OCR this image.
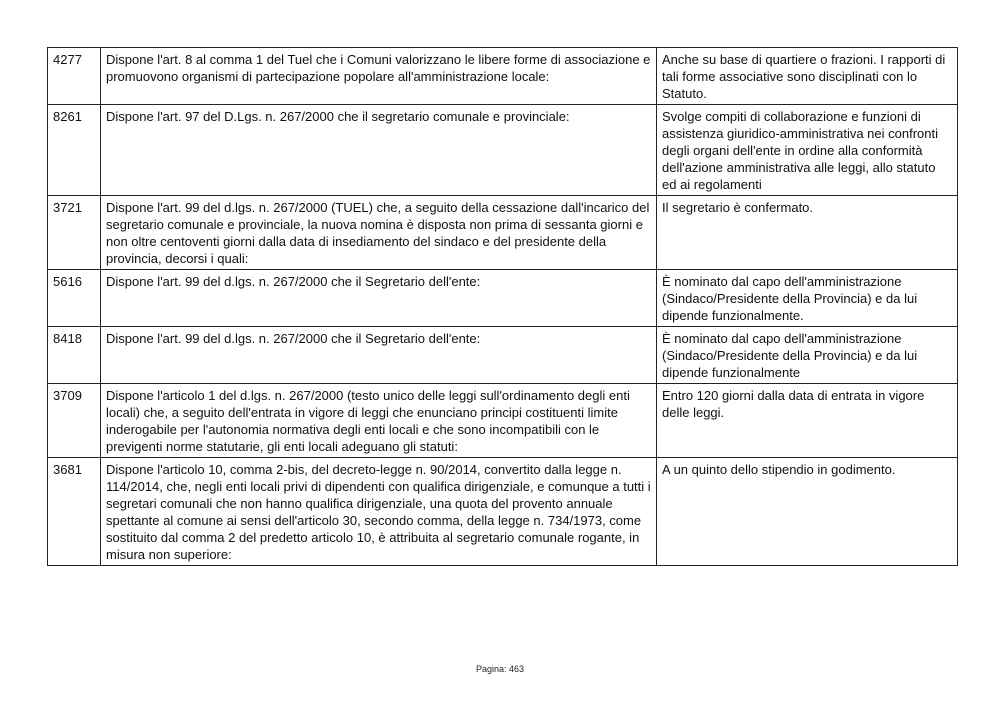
4277	Dispone l'art. 8 al comma 1 del Tuel che i Comuni valorizzano le libere forme di associazione e promuovono organismi di partecipazione popolare all'amministrazione locale:	Anche su base di quartiere o frazioni. I rapporti di tali forme associative sono disciplinati con lo Statuto.
8261	Dispone l'art. 97 del D.Lgs. n. 267/2000 che il segretario comunale e provinciale:	Svolge compiti di collaborazione e funzioni di assistenza giuridico-amministrativa nei confronti degli organi dell'ente in ordine alla conformità dell'azione amministrativa alle leggi, allo statuto ed ai regolamenti
3721	Dispone l'art. 99 del d.lgs. n. 267/2000 (TUEL) che, a seguito della cessazione dall'incarico del segretario comunale e provinciale, la nuova nomina è disposta non prima di sessanta giorni e non oltre centoventi giorni dalla data di insediamento del sindaco e del presidente della provincia, decorsi i quali:	Il segretario è confermato.
5616	Dispone l'art. 99 del d.lgs. n. 267/2000 che il Segretario dell'ente:	È nominato dal capo dell'amministrazione (Sindaco/Presidente della Provincia) e da lui dipende funzionalmente.
8418	Dispone l'art. 99 del d.lgs. n. 267/2000 che il Segretario dell'ente:	È nominato dal capo dell'amministrazione (Sindaco/Presidente della Provincia) e da lui dipende funzionalmente
3709	Dispone l'articolo 1 del d.lgs. n. 267/2000 (testo unico delle leggi sull'ordinamento degli enti locali) che, a seguito dell'entrata in vigore di leggi che enunciano principi costituenti limite inderogabile per l'autonomia normativa degli enti locali e che sono incompatibili con le previgenti norme statutarie, gli enti locali adeguano gli statuti:	Entro 120 giorni dalla data di entrata in vigore delle leggi.
3681	Dispone l'articolo 10, comma 2-bis, del decreto-legge n. 90/2014, convertito dalla legge n. 114/2014, che, negli enti locali privi di dipendenti con qualifica dirigenziale, e comunque a tutti i segretari comunali che non hanno qualifica dirigenziale, una quota del provento annuale spettante al comune ai sensi dell'articolo 30, secondo comma, della legge n. 734/1973, come sostituito dal comma 2 del predetto articolo 10, è attribuita al segretario comunale rogante, in misura non superiore:	A un quinto dello stipendio in godimento.
Pagina: 463
